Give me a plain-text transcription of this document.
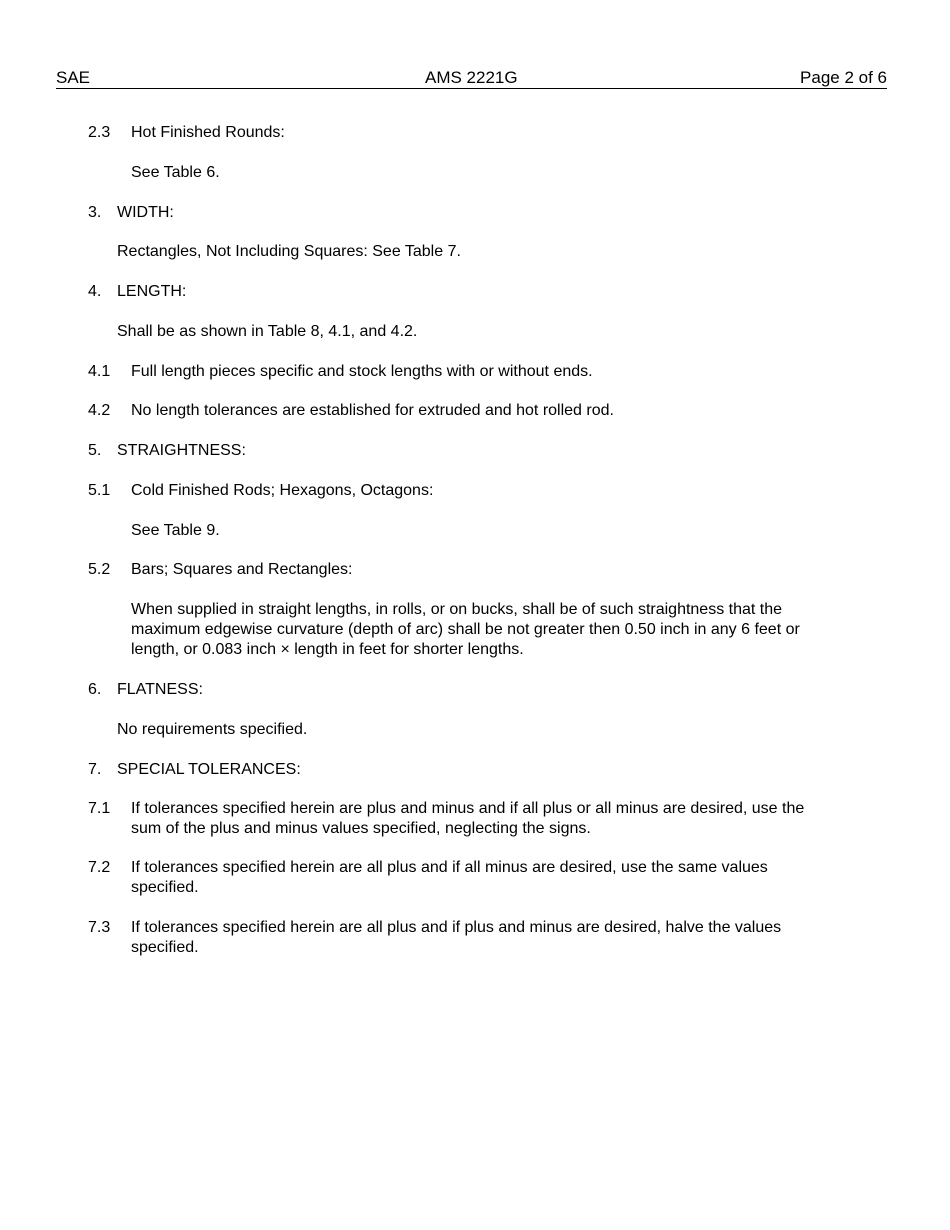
SAE	AMS 2221G	Page 2 of 6
2.3 Hot Finished Rounds:
See Table 6.
3. WIDTH:
Rectangles, Not Including Squares: See Table 7.
4. LENGTH:
Shall be as shown in Table 8, 4.1, and 4.2.
4.1 Full length pieces specific and stock lengths with or without ends.
4.2 No length tolerances are established for extruded and hot rolled rod.
5. STRAIGHTNESS:
5.1 Cold Finished Rods; Hexagons, Octagons:
See Table 9.
5.2 Bars; Squares and Rectangles:
When supplied in straight lengths, in rolls, or on bucks, shall be of such straightness that the
maximum edgewise curvature (depth of arc) shall be not greater then 0.50 inch in any 6 feet or
length, or 0.083 inch × length in feet for shorter lengths.
6. FLATNESS:
No requirements specified.
7. SPECIAL TOLERANCES:
7.1 If tolerances specified herein are plus and minus and if all plus or all minus are desired, use the
sum of the plus and minus values specified, neglecting the signs.
7.2 If tolerances specified herein are all plus and if all minus are desired, use the same values
specified.
7.3 If tolerances specified herein are all plus and if plus and minus are desired, halve the values
specified.
